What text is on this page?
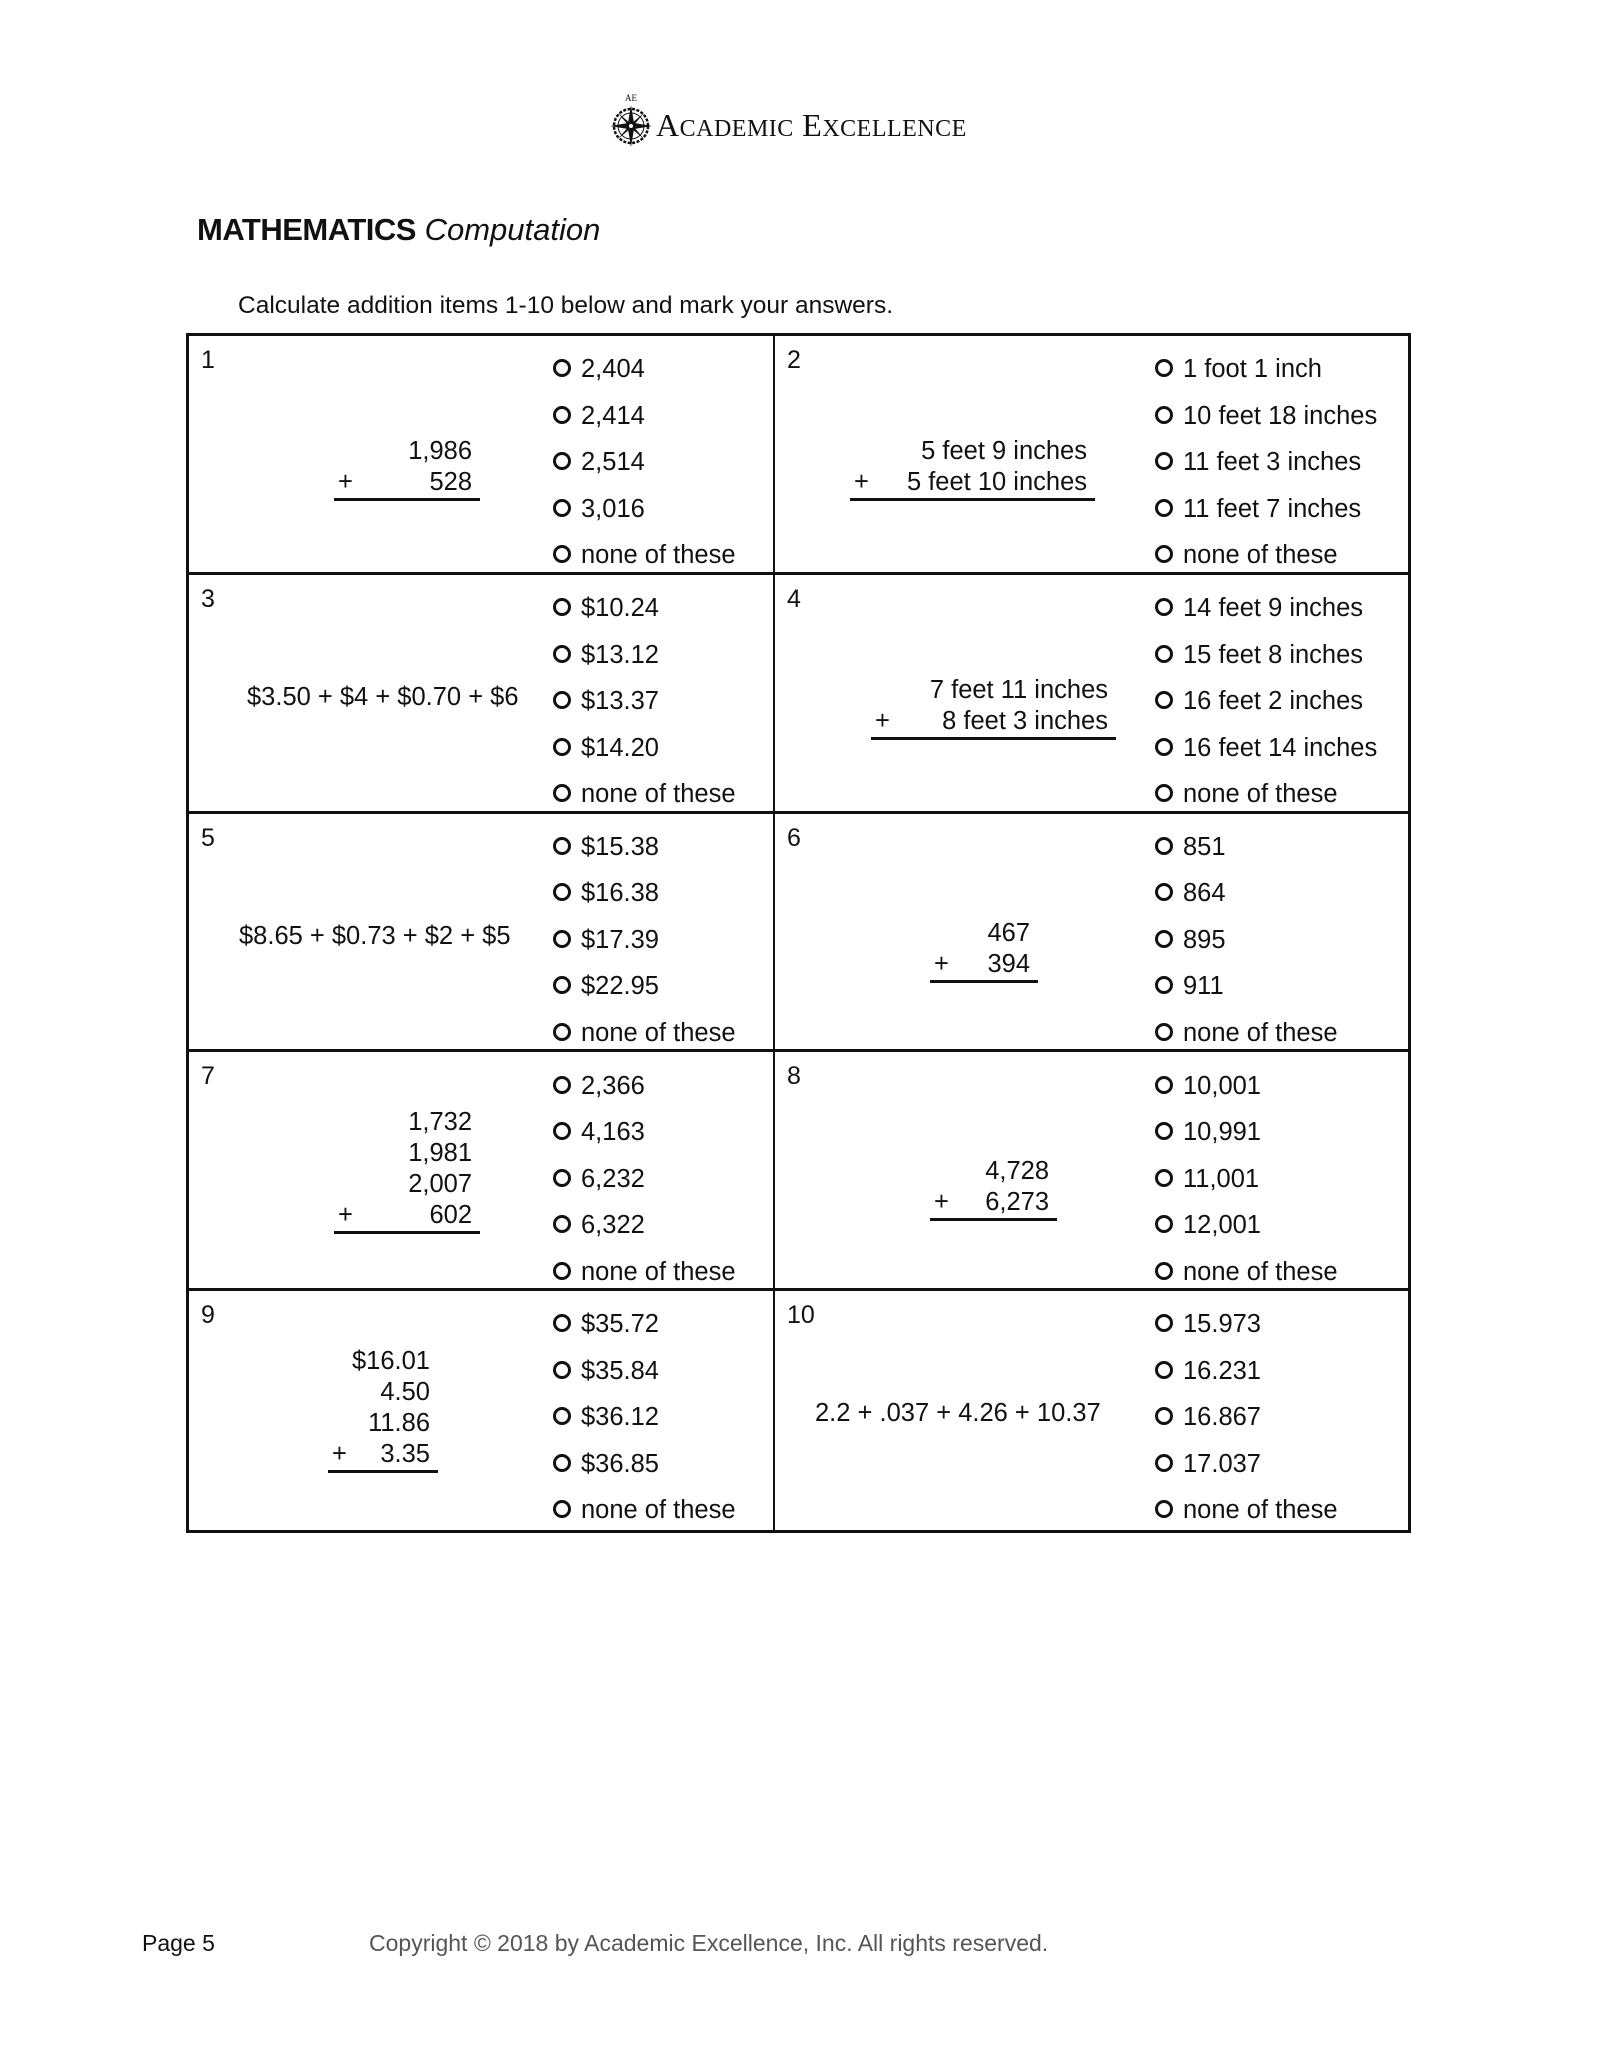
AE
ACADEMIC EXCELLENCE
MATHEMATICS Computation
Calculate addition items 1-10 below and mark your answers.
1
1,986
+	528
2,404
2,414
2,514
3,016
none of these
2
5 feet 9 inches
+ 5 feet 10 inches
1 foot 1 inch
10 feet 18 inches
11 feet 3 inches
11 feet 7 inches
none of these
3
$3.50 + $4 + $0.70 + $6
$10.24
$13.12
$13.37
$14.20
none of these
4
7 feet 11 inches
+ 8 feet 3 inches
14 feet 9 inches
15 feet 8 inches
16 feet 2 inches
16 feet 14 inches
none of these
5
$8.65 + $0.73 + $2 + $5
$15.38
$16.38
$17.39
$22.95
none of these
6
467
+ 394
851
864
895
911
none of these
7
1,732
1,981
2,007
+	602
2,366
4,163
6,232
6,322
none of these
8
4,728
+ 6,273
10,001
10,991
11,001
12,001
none of these
9
$16.01
4.50
11.86
+ 3.35
$35.72
$35.84
$36.12
$36.85
none of these
10
2.2 + .037 + 4.26 + 10.37
15.973
16.231
16.867
17.037
none of these
Page 5	Copyright © 2018 by Academic Excellence, Inc. All rights reserved.
